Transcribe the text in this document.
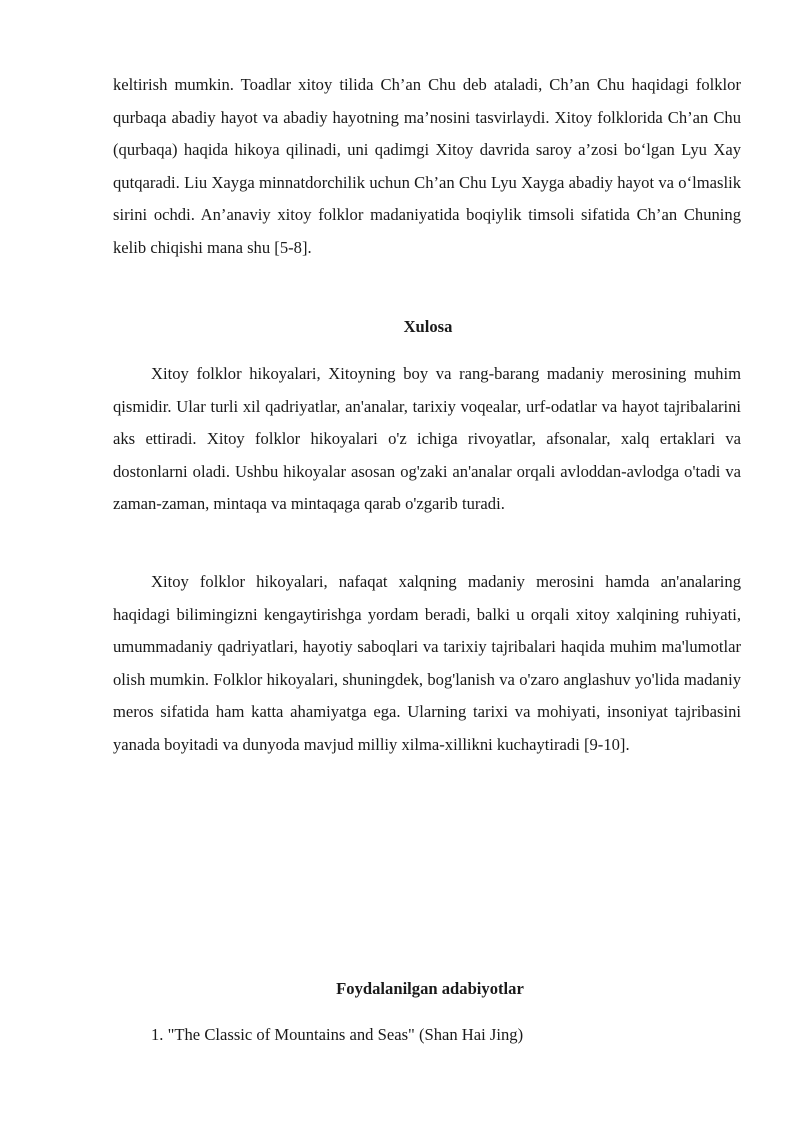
keltirish mumkin. Toadlar xitoy tilida Ch’an Chu deb ataladi, Ch’an Chu haqidagi folklor qurbaqa abadiy hayot va abadiy hayotning ma’nosini tasvirlaydi. Xitoy folklorida Ch’an Chu (qurbaqa) haqida hikoya qilinadi, uni qadimgi Xitoy davrida saroy a’zosi bo‘lgan Lyu Xay qutqaradi. Liu Xayga minnatdorchilik uchun Ch’an Chu Lyu Xayga abadiy hayot va o‘lmaslik sirini ochdi. An’anaviy xitoy folklor madaniyatida boqiylik timsoli sifatida Ch’an Chuning kelib chiqishi mana shu [5-8].

Xulosa

Xitoy folklor hikoyalari, Xitoyning boy va rang-barang madaniy merosining muhim qismidir. Ular turli xil qadriyatlar, an'analar, tarixiy voqealar, urf-odatlar va hayot tajribalarini aks ettiradi. Xitoy folklor hikoyalari o'z ichiga rivoyatlar, afsonalar, xalq ertaklari va dostonlarni oladi. Ushbu hikoyalar asosan og'zaki an'analar orqali avloddan-avlodga o'tadi va zaman-zaman, mintaqa va mintaqaga qarab o'zgarib turadi.

Xitoy folklor hikoyalari, nafaqat xalqning madaniy merosini hamda an'analaring haqidagi bilimingizni kengaytirishga yordam beradi, balki u orqali xitoy xalqining ruhiyati, umummadaniy qadriyatlari, hayotiy saboqlari va tarixiy tajribalari haqida muhim ma'lumotlar olish mumkin. Folklor hikoyalari, shuningdek, bog'lanish va o'zaro anglashuv yo'lida madaniy meros sifatida ham katta ahamiyatga ega. Ularning tarixi va mohiyati, insoniyat tajribasini yanada boyitadi va dunyoda mavjud milliy xilma-xillikni kuchaytiradi [9-10].

Foydalanilgan adabiyotlar

1. "The Classic of Mountains and Seas" (Shan Hai Jing)
